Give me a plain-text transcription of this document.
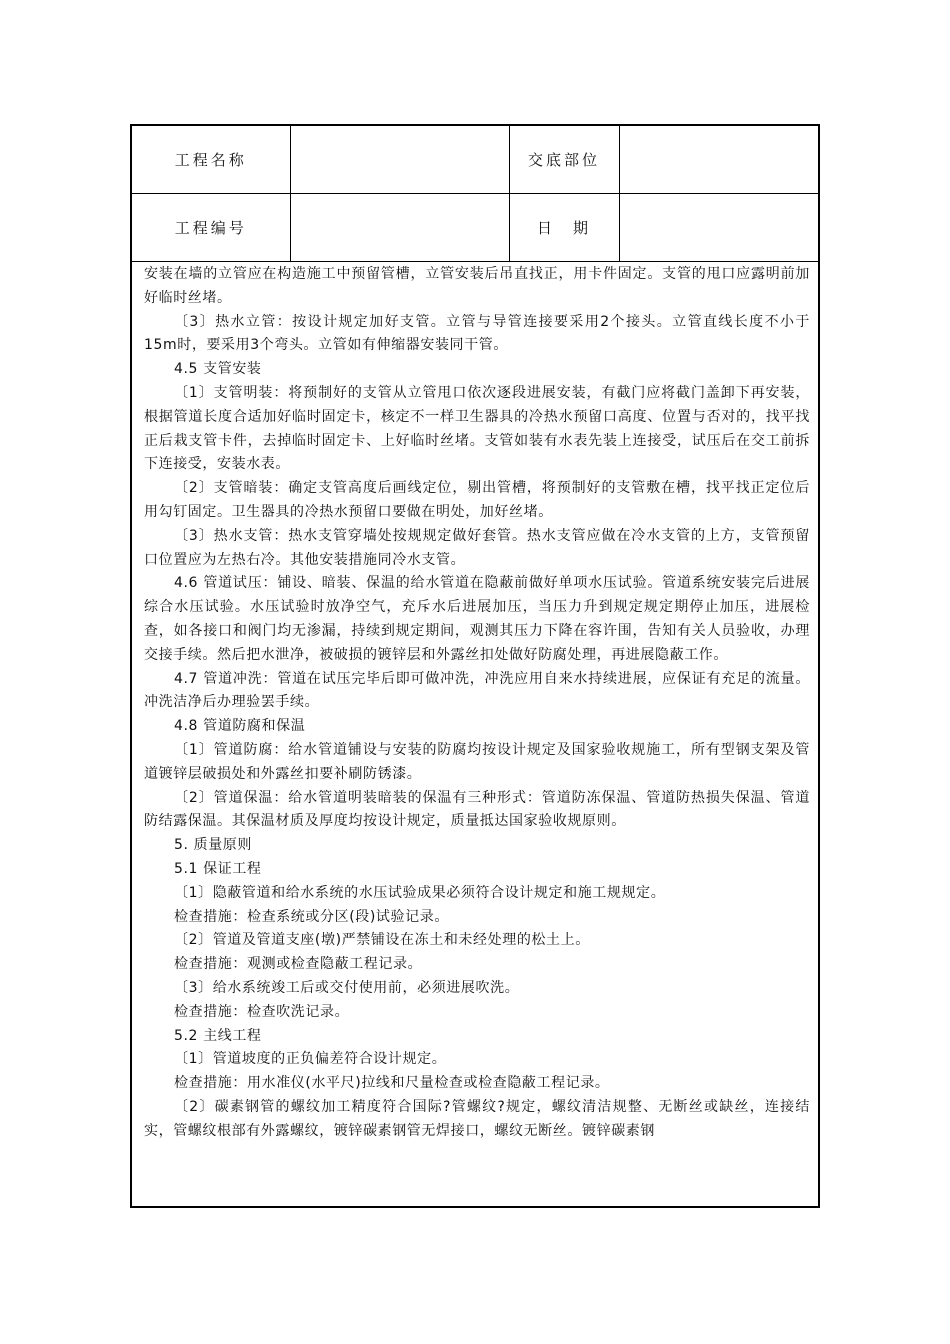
工程名称		交底部位	
工程编号		日　期	

安装在墙的立管应在构造施工中预留管槽，立管安装后吊直找正，用卡件固定。支管的甩口应露明前加好临时丝堵。

〔3〕热水立管：按设计规定加好支管。立管与导管连接要采用2个接头。立管直线长度不小于15m时，要采用3个弯头。立管如有伸缩器安装同干管。

4.5 支管安装

〔1〕支管明装：将预制好的支管从立管甩口依次逐段进展安装，有截门应将截门盖卸下再安装，根据管道长度合适加好临时固定卡，核定不一样卫生器具的冷热水预留口高度、位置与否对的，找平找正后栽支管卡件，去掉临时固定卡、上好临时丝堵。支管如装有水表先装上连接受，试压后在交工前拆下连接受，安装水表。

〔2〕支管暗装：确定支管高度后画线定位，剔出管槽，将预制好的支管敷在槽，找平找正定位后用勾钉固定。卫生器具的冷热水预留口要做在明处，加好丝堵。

〔3〕热水支管：热水支管穿墙处按规规定做好套管。热水支管应做在冷水支管的上方，支管预留口位置应为左热右冷。其他安装措施同冷水支管。

4.6 管道试压：铺设、暗装、保温的给水管道在隐蔽前做好单项水压试验。管道系统安装完后进展综合水压试验。水压试验时放净空气，充斥水后进展加压，当压力升到规定规定期停止加压，进展检查，如各接口和阀门均无渗漏，持续到规定期间，观测其压力下降在容许围，告知有关人员验收，办理交接手续。然后把水泄净，被破损的镀锌层和外露丝扣处做好防腐处理，再进展隐蔽工作。

4.7 管道冲洗：管道在试压完毕后即可做冲洗，冲洗应用自来水持续进展，应保证有充足的流量。冲洗洁净后办理验罢手续。

4.8 管道防腐和保温

〔1〕管道防腐：给水管道铺设与安装的防腐均按设计规定及国家验收规施工，所有型钢支架及管道镀锌层破损处和外露丝扣要补刷防锈漆。

〔2〕管道保温：给水管道明装暗装的保温有三种形式：管道防冻保温、管道防热损失保温、管道防结露保温。其保温材质及厚度均按设计规定，质量抵达国家验收规原则。

5. 质量原则

5.1 保证工程

〔1〕隐蔽管道和给水系统的水压试验成果必须符合设计规定和施工规规定。

检查措施：检查系统或分区(段)试验记录。

〔2〕管道及管道支座(墩)严禁铺设在冻土和未经处理的松土上。

检查措施：观测或检查隐蔽工程记录。

〔3〕给水系统竣工后或交付使用前，必须进展吹洗。

检查措施：检查吹洗记录。

5.2 主线工程

〔1〕管道坡度的正负偏差符合设计规定。

检查措施：用水准仪(水平尺)拉线和尺量检查或检查隐蔽工程记录。

〔2〕碳素钢管的螺纹加工精度符合国际?管螺纹?规定，螺纹清洁规整、无断丝或缺丝，连接结实，管螺纹根部有外露螺纹，镀锌碳素钢管无焊接口，螺纹无断丝。镀锌碳素钢
